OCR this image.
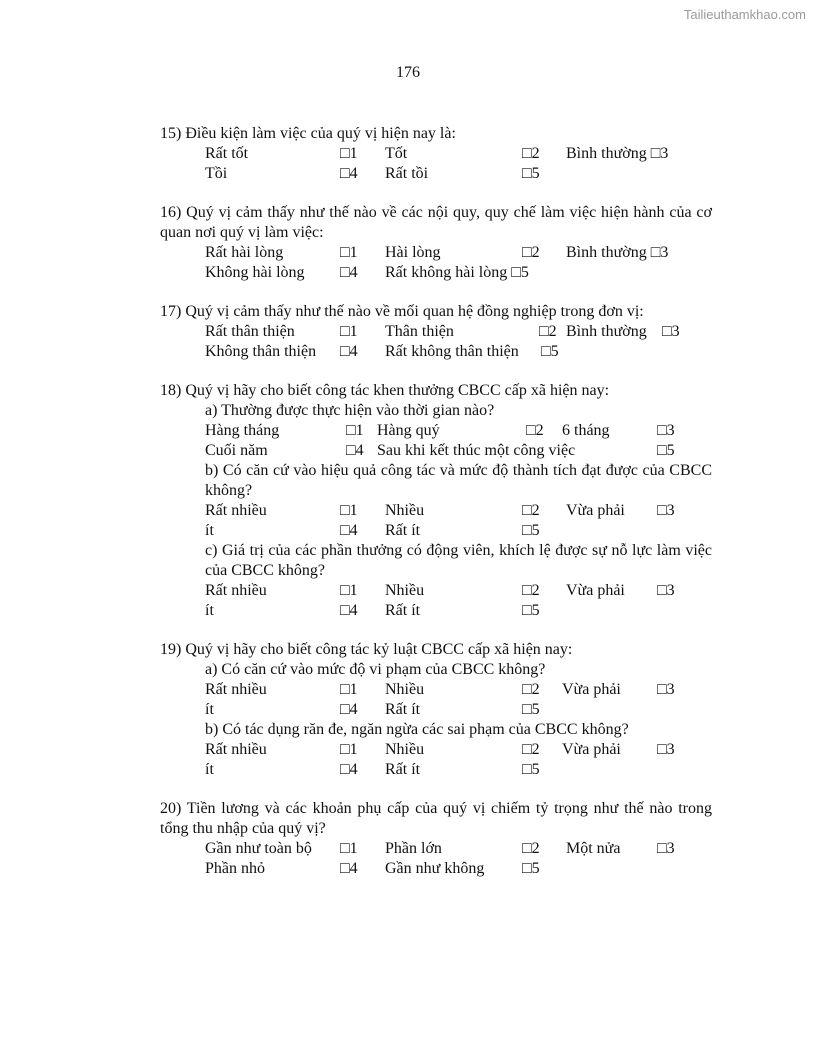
Tailieuthamkhao.com
176
15) Điều kiện làm việc của quý vị hiện nay là:
Rất tốt	□1 Tốt	□2 Bình thường □3
Tồi	□4 Rất tồi	□5
16) Quý vị cảm thấy như thế nào về các nội quy, quy chế làm việc hiện hành của cơ quan nơi quý vị làm việc:
Rất hài lòng	□1 Hài lòng	□2 Bình thường □3
Không hài lòng □4 Rất không hài lòng □5
17) Quý vị cảm thấy như thế nào về mối quan hệ đồng nghiệp trong đơn vị:
Rất thân thiện	□1 Thân thiện	□2 Bình thường □3
Không thân thiện □4 Rất không thân thiện □5
18) Quý vị hãy cho biết công tác khen thưởng CBCC cấp xã hiện nay:
a) Thường được thực hiện vào thời gian nào?
Hàng tháng	□1 Hàng quý	□2 6 tháng	□3
Cuối năm	□4 Sau khi kết thúc một công việc	□5
b) Có căn cứ vào hiệu quả công tác và mức độ thành tích đạt được của CBCC không?
Rất nhiều	□1 Nhiều	□2 Vừa phải □3
ít	□4 Rất ít	□5
c) Giá trị của các phần thưởng có động viên, khích lệ được sự nỗ lực làm việc của CBCC không?
Rất nhiều	□1 Nhiều	□2 Vừa phải □3
ít	□4 Rất ít	□5
19) Quý vị hãy cho biết công tác kỷ luật CBCC cấp xã hiện nay:
a) Có căn cứ vào mức độ vi phạm của CBCC không?
Rất nhiều	□1 Nhiều	□2 Vừa phải □3
ít	□4 Rất ít	□5
b) Có tác dụng răn đe, ngăn ngừa các sai phạm của CBCC không?
Rất nhiều	□1 Nhiều	□2 Vừa phải □3
ít	□4 Rất ít	□5
20) Tiền lương và các khoản phụ cấp của quý vị chiếm tỷ trọng như thế nào trong tổng thu nhập của quý vị?
Gần như toàn bộ □1 Phần lớn	□2 Một nửa □3
Phần nhỏ	□4 Gần như không □5
